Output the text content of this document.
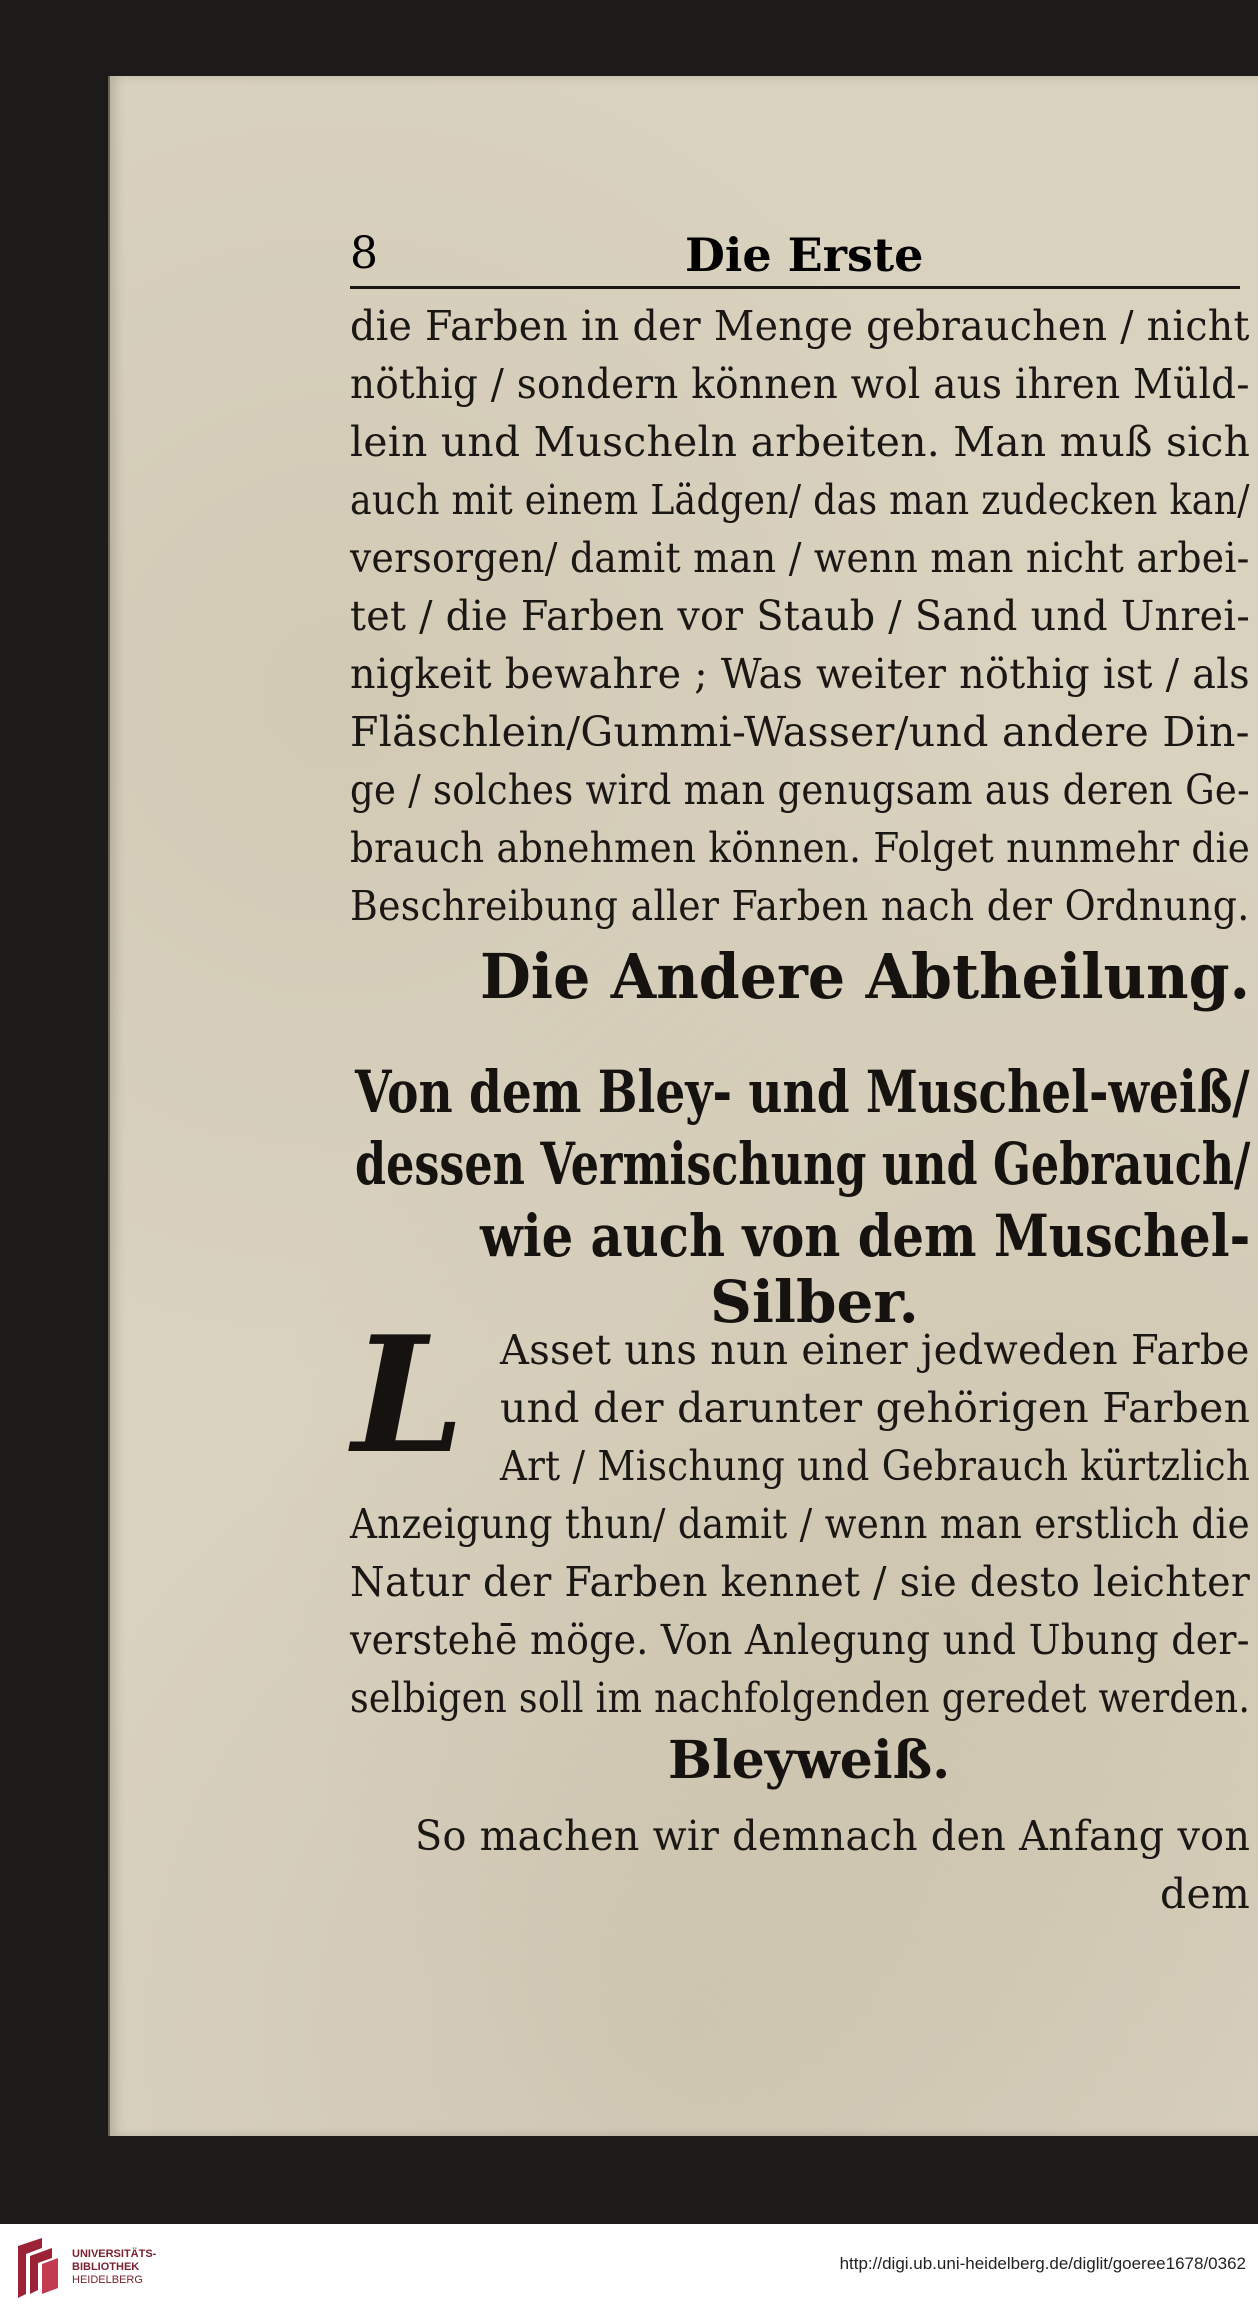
8	Die Erste
die Farben in der Menge gebrauchen / nicht
nöthig / sondern können wol aus ihren Müld-
lein und Muscheln arbeiten. Man muß sich
auch mit einem Lädgen/ das man zudecken kan/
versorgen/ damit man / wenn man nicht arbei-
tet / die Farben vor Staub / Sand und Unrei-
nigkeit bewahre ; Was weiter nöthig ist / als
Fläschlein/Gummi-Wasser/und andere Din-
ge / solches wird man genugsam aus deren Ge-
brauch abnehmen können. Folget nunmehr die
Beschreibung aller Farben nach der Ordnung.
Die Andere Abtheilung.
Von dem Bley- und Muschel-weiß/
dessen Vermischung und Gebrauch/
wie auch von dem Muschel-
Silber.
L Asset uns nun einer jedweden Farbe
und der darunter gehörigen Farben
Art / Mischung und Gebrauch kürtzlich
Anzeigung thun/ damit / wenn man erstlich die
Natur der Farben kennet / sie desto leichter
verstehē möge. Von Anlegung und Ubung der-
selbigen soll im nachfolgenden geredet werden.
Bleyweiß.
So machen wir demnach den Anfang von
dem
UNIVERSITÄTS-
BIBLIOTHEK
HEIDELBERG
http://digi.ub.uni-heidelberg.de/diglit/goeree1678/0362
